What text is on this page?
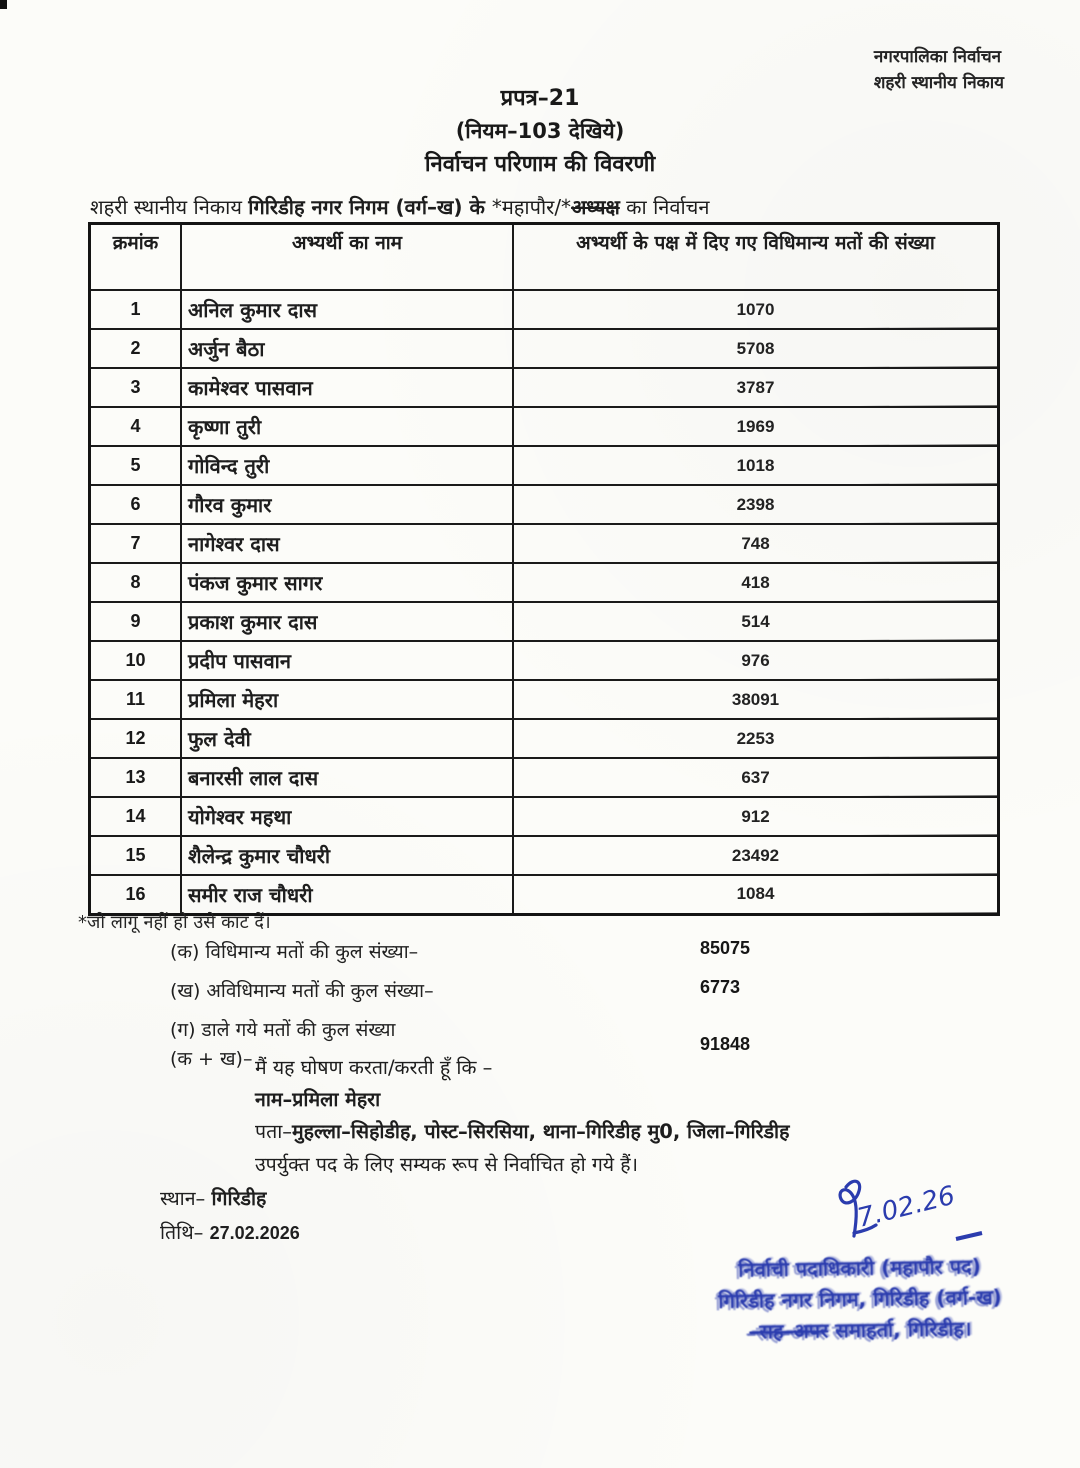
नगरपालिका निर्वाचन
शहरी स्थानीय निकाय
प्रपत्र–21
(नियम–103 देखिये)
निर्वाचन परिणाम की विवरणी
शहरी स्थानीय निकाय गिरिडीह नगर निगम (वर्ग–ख) के *महापौर/*अध्यक्ष का निर्वाचन
क्रमांक	अभ्यर्थी का नाम	अभ्यर्थी के पक्ष में दिए गए विधिमान्य मतों की संख्या
1	अनिल कुमार दास	1070
2	अर्जुन बैठा	5708
3	कामेश्वर पासवान	3787
4	कृष्णा तुरी	1969
5	गोविन्द तुरी	1018
6	गौरव कुमार	2398
7	नागेश्वर दास	748
8	पंकज कुमार सागर	418
9	प्रकाश कुमार दास	514
10	प्रदीप पासवान	976
11	प्रमिला मेहरा	38091
12	फुल देवी	2253
13	बनारसी लाल दास	637
14	योगेश्वर महथा	912
15	शैलेन्द्र कुमार चौधरी	23492
16	समीर राज चौधरी	1084
*जो लागू नहीं हो उसे काट दें।
(क) विधिमान्य मतों की कुल संख्या–	85075
(ख) अविधिमान्य मतों की कुल संख्या–	6773
(ग) डाले गये मतों की कुल संख्या
(क + ख)–
91848
मैं यह घोषण करता/करती हूँ कि –
नाम–प्रमिला मेहरा
पता–मुहल्ला–सिहोडीह, पोस्ट–सिरसिया, थाना–गिरिडीह मु0, जिला–गिरिडीह
उपर्युक्त पद के लिए सम्यक रूप से निर्वाचित हो गये हैं।
स्थान– गिरिडीह
तिथि– 27.02.2026	7.02.26
निर्वाची पदाधिकारी (महापौर पद)
गिरिडीह नगर निगम, गिरिडीह (वर्ग-ख)
–सह–अपर समाहर्ता, गिरिडीह।
